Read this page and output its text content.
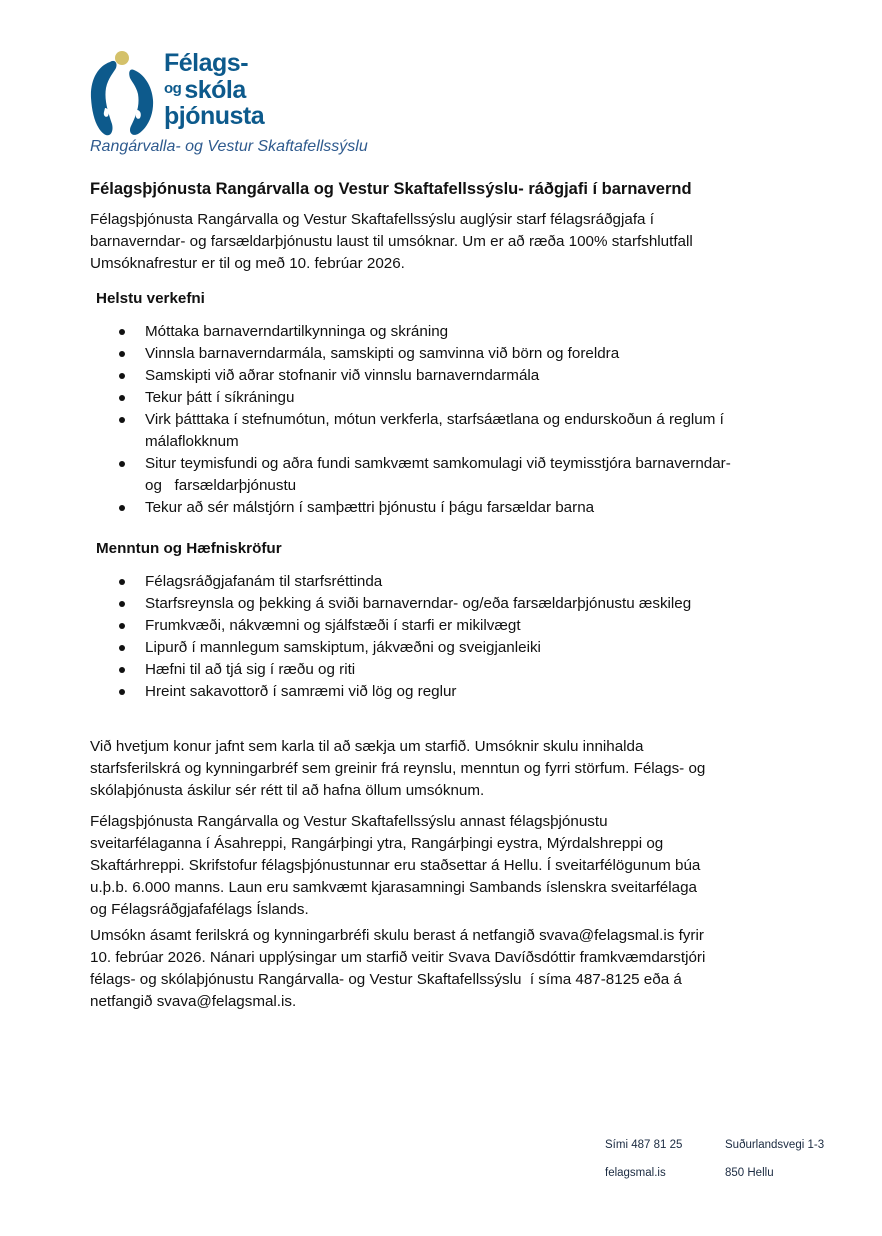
Félags-
$^{og}$ skóla
þjónusta
Rangárvalla- og Vestur Skaftafellssýslu
Félagsþjónusta Rangárvalla og Vestur Skaftafellssýslu- ráðgjafi í barnavernd
Félagsþjónusta Rangárvalla og Vestur Skaftafellssýslu auglýsir starf félagsráðgjafa í
barnaverndar- og farsældarþjónustu laust til umsóknar. Um er að ræða 100% starfshlutfall
Umsóknafrestur er til og með 10. febrúar 2026.
Helstu verkefni
Móttaka barnaverndartilkynninga og skráning
Vinnsla barnaverndarmála, samskipti og samvinna við börn og foreldra
Samskipti við aðrar stofnanir við vinnslu barnaverndarmála
Tekur þátt í síkráningu
Virk þátttaka í stefnumótun, mótun verkferla, starfsáætlana og endurskoðun á reglum í málaflokknum
Situr teymisfundi og aðra fundi samkvæmt samkomulagi við teymisstjóra barnaverndar- og   farsældarþjónustu
Tekur að sér málstjórn í samþættri þjónustu í þágu farsældar barna
Menntun og Hæfniskröfur
Félagsráðgjafanám til starfsréttinda
Starfsreynsla og þekking á sviði barnaverndar- og/eða farsældarþjónustu æskileg
Frumkvæði, nákvæmni og sjálfstæði í starfi er mikilvægt
Lipurð í mannlegum samskiptum, jákvæðni og sveigjanleiki
Hæfni til að tjá sig í ræðu og riti
Hreint sakavottorð í samræmi við lög og reglur
Við hvetjum konur jafnt sem karla til að sækja um starfið. Umsóknir skulu innihalda
starfsferilskrá og kynningarbréf sem greinir frá reynslu, menntun og fyrri störfum. Félags- og
skólaþjónusta áskilur sér rétt til að hafna öllum umsóknum.
Félagsþjónusta Rangárvalla og Vestur Skaftafellssýslu annast félagsþjónustu
sveitarfélaganna í Ásahreppi, Rangárþingi ytra, Rangárþingi eystra, Mýrdalshreppi og
Skaftárhreppi. Skrifstofur félagsþjónustunnar eru staðsettar á Hellu. Í sveitarfélögunum búa
u.þ.b. 6.000 manns. Laun eru samkvæmt kjarasamningi Sambands íslenskra sveitarfélaga
og Félagsráðgjafafélags Íslands.
Umsókn ásamt ferilskrá og kynningarbréfi skulu berast á netfangið svava@felagsmal.is fyrir
10. febrúar 2026. Nánari upplýsingar um starfið veitir Svava Davíðsdóttir framkvæmdarstjóri
félags- og skólaþjónustu Rangárvalla- og Vestur Skaftafellssýslu  í síma 487-8125 eða á
netfangið svava@felagsmal.is.
Sími 487 81 25	Suðurlandsvegi 1-3
felagsmal.is	850 Hellu
